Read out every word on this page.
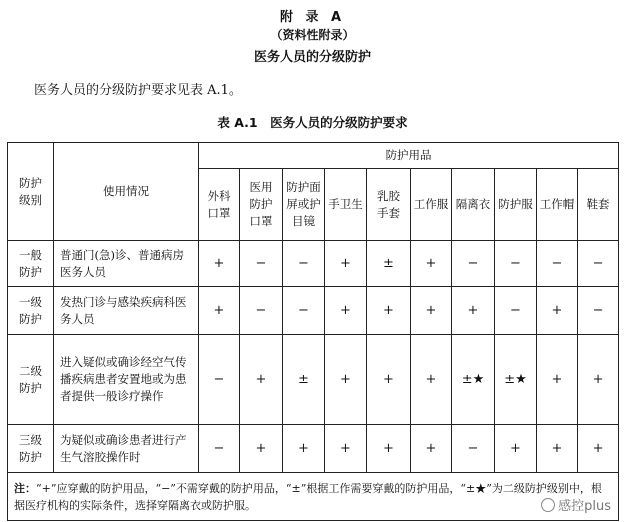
附 录 A
（资料性附录）
医务人员的分级防护
医务人员的分级防护要求见表 A.1。
表 A.1　医务人员的分级防护要求
防护级别	使用情况	防护用品									
		外科口罩	医用防护口罩	防护面屏或护目镜	手卫生	乳胶手套	工作服	隔离衣	防护服	工作帽	鞋套
一般防护	普通门(急)诊、普通病房医务人员	+	−	−	+	±	+	−	−	−	−
一级防护	发热门诊与感染疾病科医务人员	+	−	−	+	+	+	+	−	+	−
二级防护	进入疑似或确诊经空气传播疾病患者安置地或为患者提供一般诊疗操作	−	+	±	+	+	+	±★	±★	+	+
三级防护	为疑似或确诊患者进行产生气溶胶操作时	−	+	+	+	+	+	−	+	+	+
注：“+”应穿戴的防护用品，“−”不需穿戴的防护用品，“±”根据工作需要穿戴的防护用品，“±★”为二级防护级别中，根据医疗机构的实际条件，选择穿隔离衣或防护服。												感控plus
